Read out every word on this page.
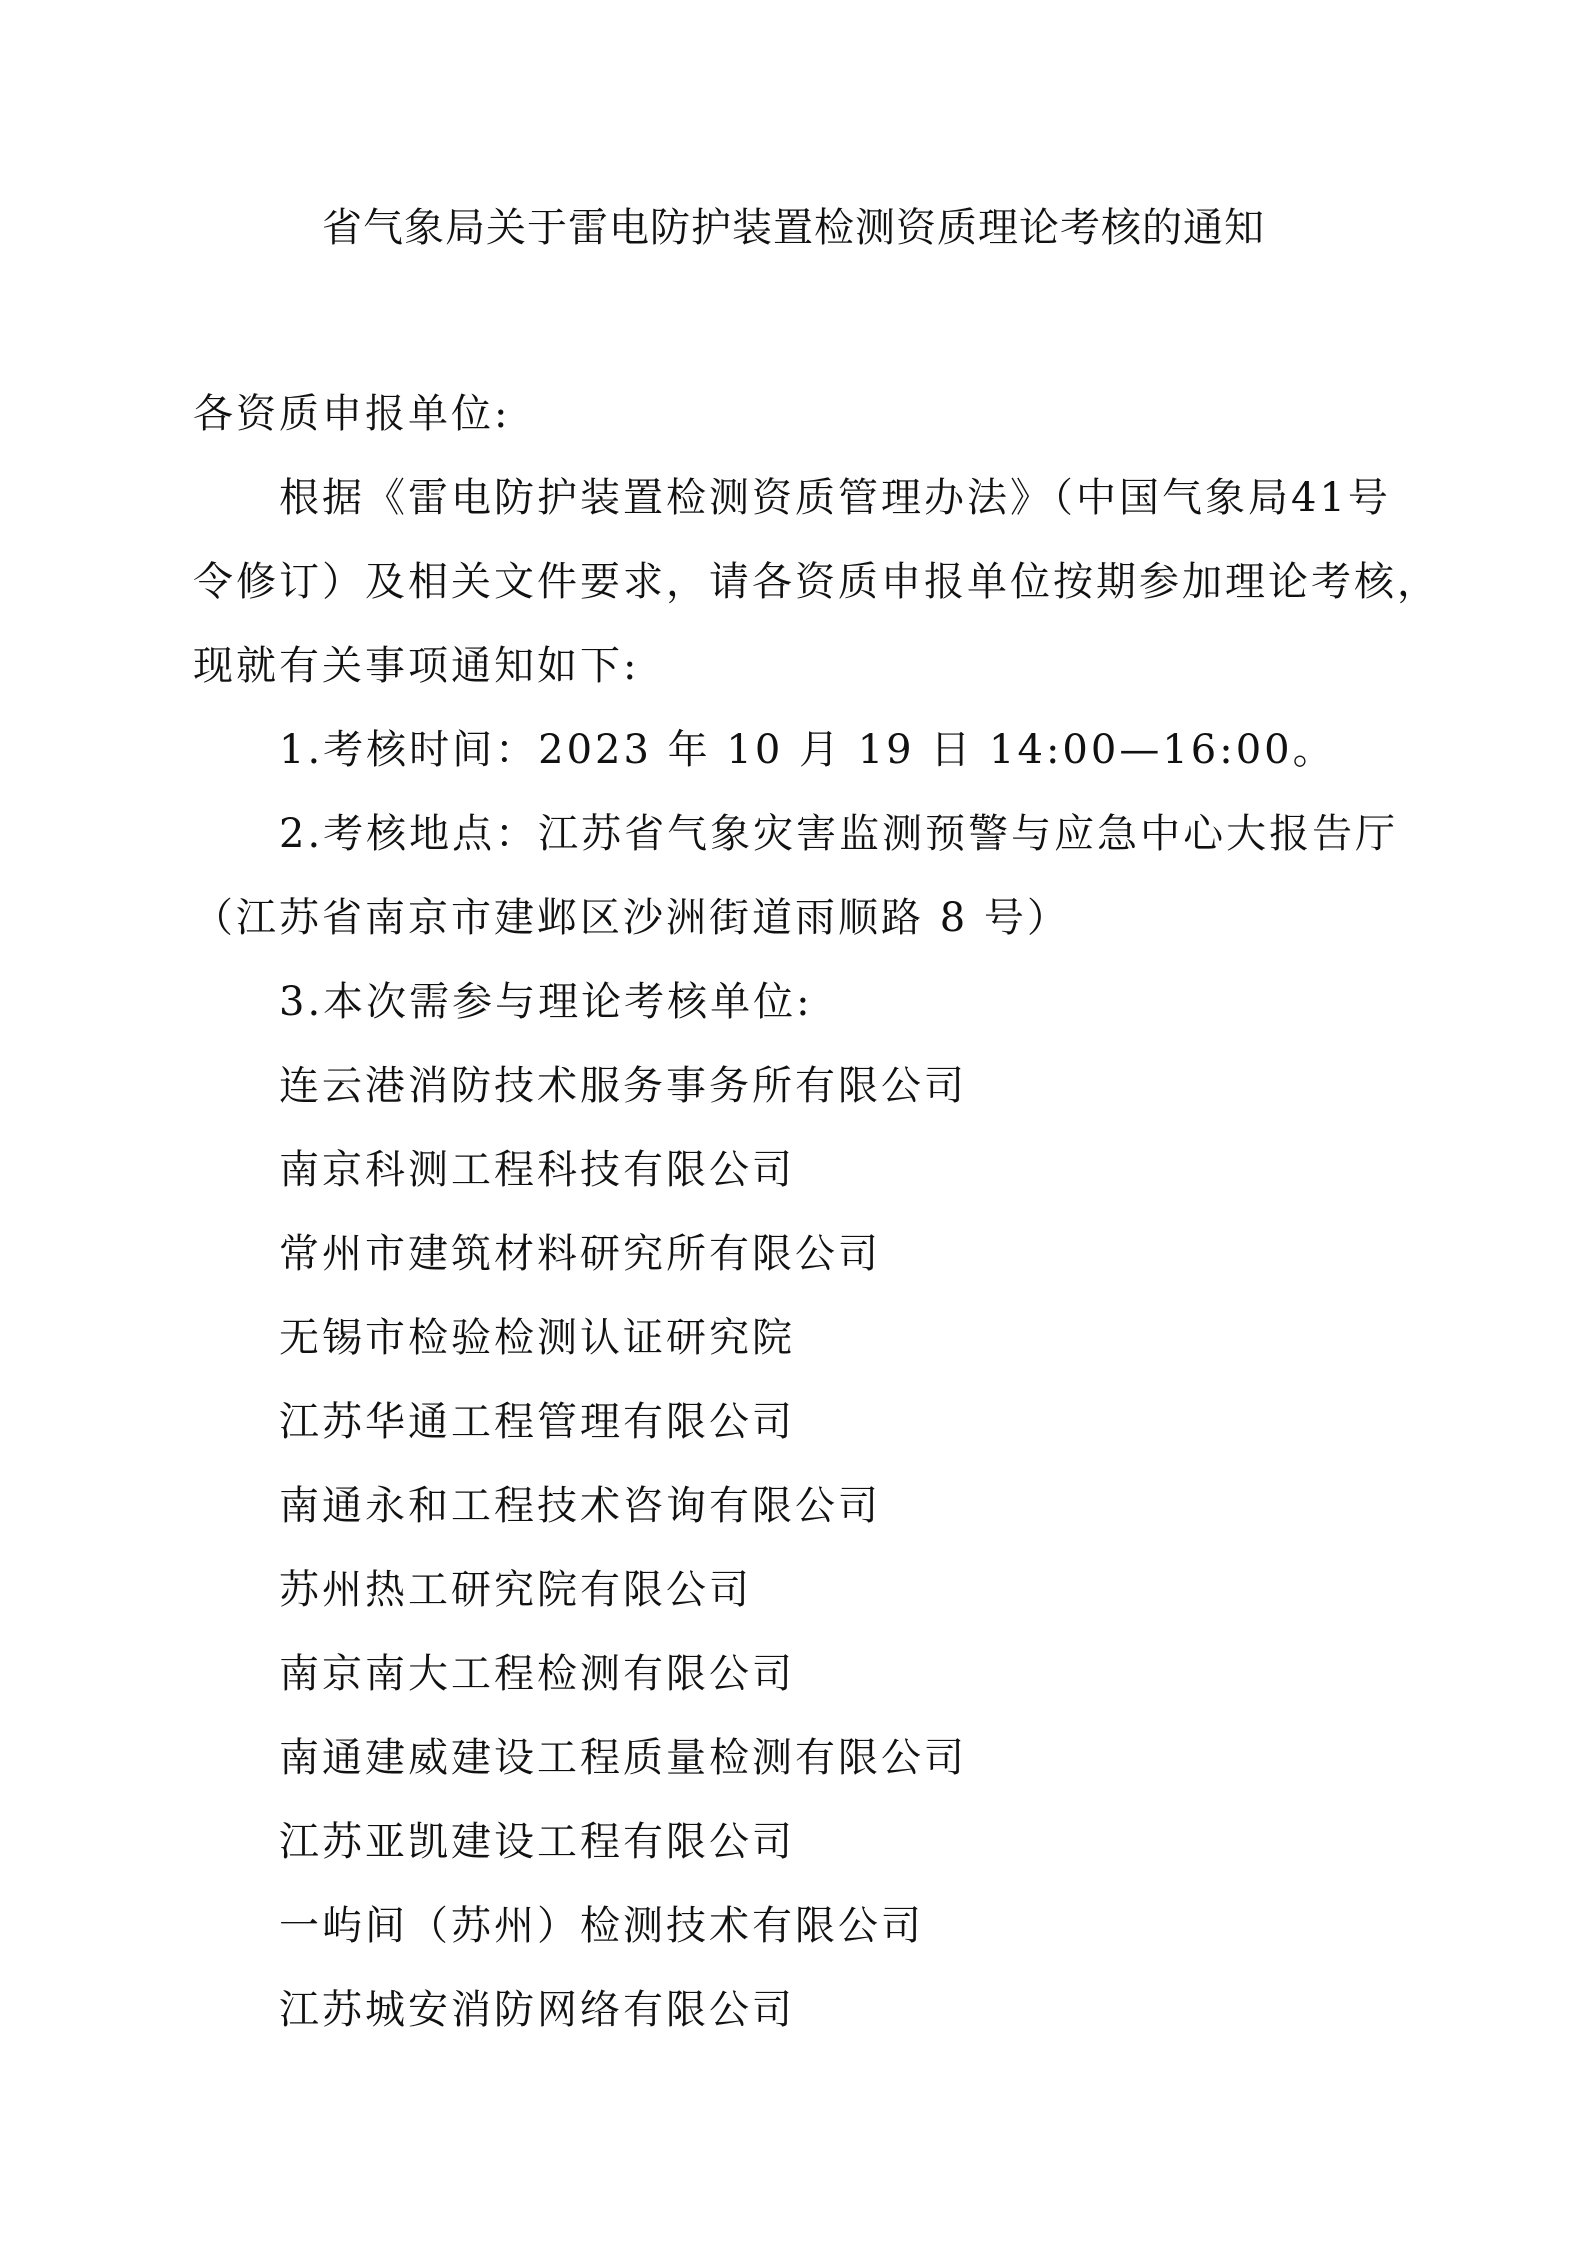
省气象局关于雷电防护装置检测资质理论考核的通知
各资质申报单位:
根据《雷电防护装置检测资质管理办法》（中国气象局41号
令修订）及相关文件要求，请各资质申报单位按期参加理论考核，
现就有关事项通知如下:
1.考核时间：2023 年 10 月 19 日 14:00—16:00。
2.考核地点：江苏省气象灾害监测预警与应急中心大报告厅
（江苏省南京市建邺区沙洲街道雨顺路 8 号）
3.本次需参与理论考核单位:
连云港消防技术服务事务所有限公司
南京科测工程科技有限公司
常州市建筑材料研究所有限公司
无锡市检验检测认证研究院
江苏华通工程管理有限公司
南通永和工程技术咨询有限公司
苏州热工研究院有限公司
南京南大工程检测有限公司
南通建威建设工程质量检测有限公司
江苏亚凯建设工程有限公司
一屿间（苏州）检测技术有限公司
江苏城安消防网络有限公司
